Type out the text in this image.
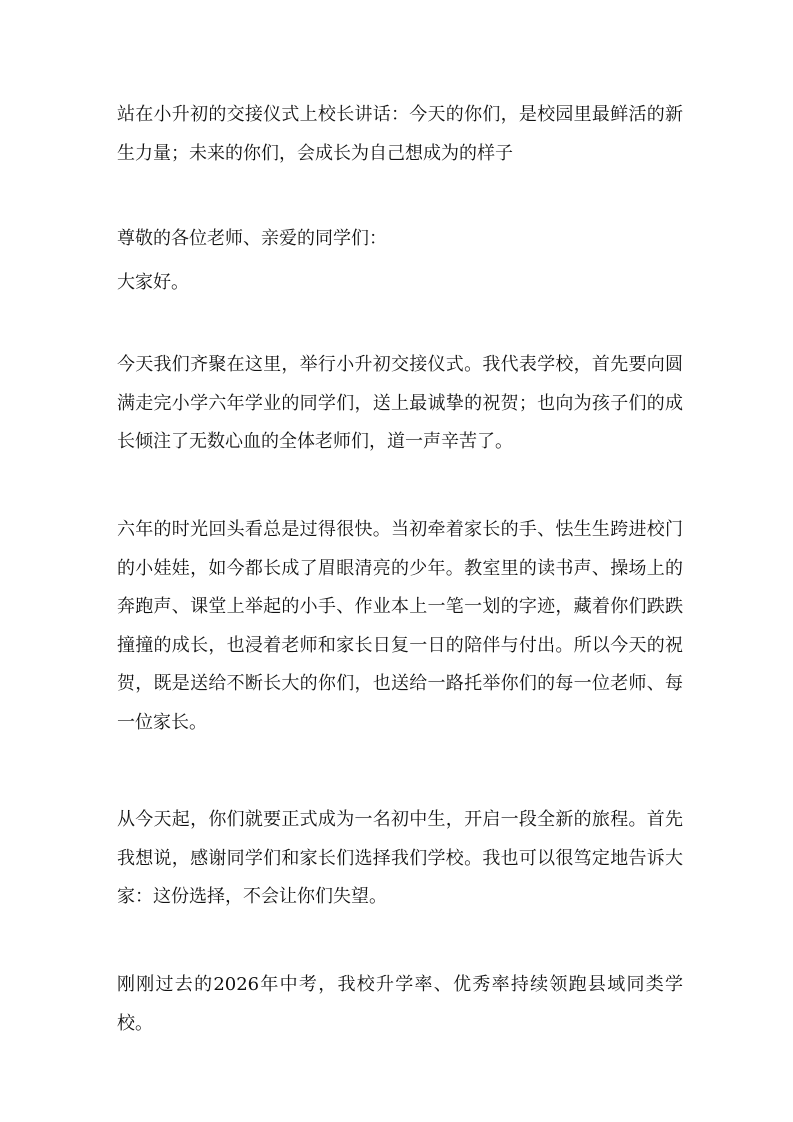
站在小升初的交接仪式上校长讲话：今天的你们，是校园里最鲜活的新生力量；未来的你们，会成长为自己想成为的样子
尊敬的各位老师、亲爱的同学们：
大家好。
今天我们齐聚在这里，举行小升初交接仪式。我代表学校，首先要向圆满走完小学六年学业的同学们，送上最诚挚的祝贺；也向为孩子们的成长倾注了无数心血的全体老师们，道一声辛苦了。
六年的时光回头看总是过得很快。当初牵着家长的手、怯生生跨进校门的小娃娃，如今都长成了眉眼清亮的少年。教室里的读书声、操场上的奔跑声、课堂上举起的小手、作业本上一笔一划的字迹，藏着你们跌跌撞撞的成长，也浸着老师和家长日复一日的陪伴与付出。所以今天的祝贺，既是送给不断长大的你们，也送给一路托举你们的每一位老师、每一位家长。
从今天起，你们就要正式成为一名初中生，开启一段全新的旅程。首先我想说，感谢同学们和家长们选择我们学校。我也可以很笃定地告诉大家：这份选择，不会让你们失望。
刚刚过去的2026年中考，我校升学率、优秀率持续领跑县域同类学校。
